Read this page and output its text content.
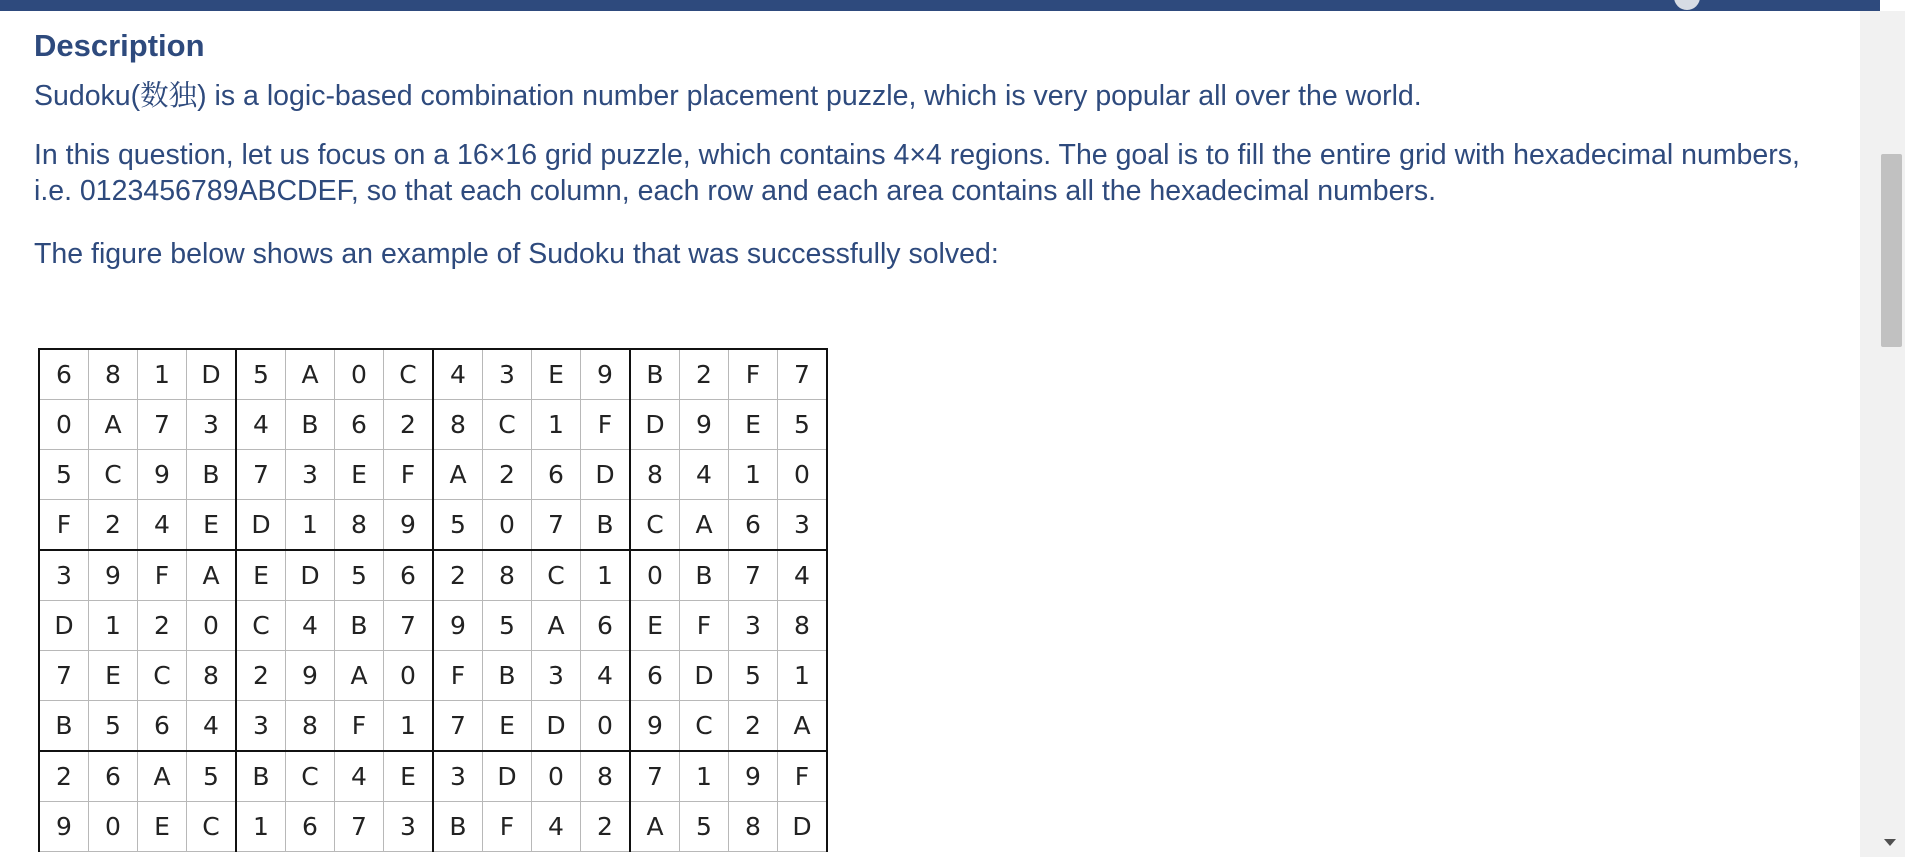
Description

Sudoku(数独) is a logic-based combination number placement puzzle, which is very popular all over the world.

In this question, let us focus on a 16×16 grid puzzle, which contains 4×4 regions. The goal is to fill the entire grid with hexadecimal numbers, i.e. 0123456789ABCDEF, so that each column, each row and each area contains all the hexadecimal numbers.

The figure below shows an example of Sudoku that was successfully solved:

6	8	1	D	5	A	0	C	4	3	E	9	B	2	F	7
0	A	7	3	4	B	6	2	8	C	1	F	D	9	E	5
5	C	9	B	7	3	E	F	A	2	6	D	8	4	1	0
F	2	4	E	D	1	8	9	5	0	7	B	C	A	6	3
3	9	F	A	E	D	5	6	2	8	C	1	0	B	7	4
D	1	2	0	C	4	B	7	9	5	A	6	E	F	3	8
7	E	C	8	2	9	A	0	F	B	3	4	6	D	5	1
B	5	6	4	3	8	F	1	7	E	D	0	9	C	2	A
2	6	A	5	B	C	4	E	3	D	0	8	7	1	9	F
9	0	E	C	1	6	7	3	B	F	4	2	A	5	8	D
